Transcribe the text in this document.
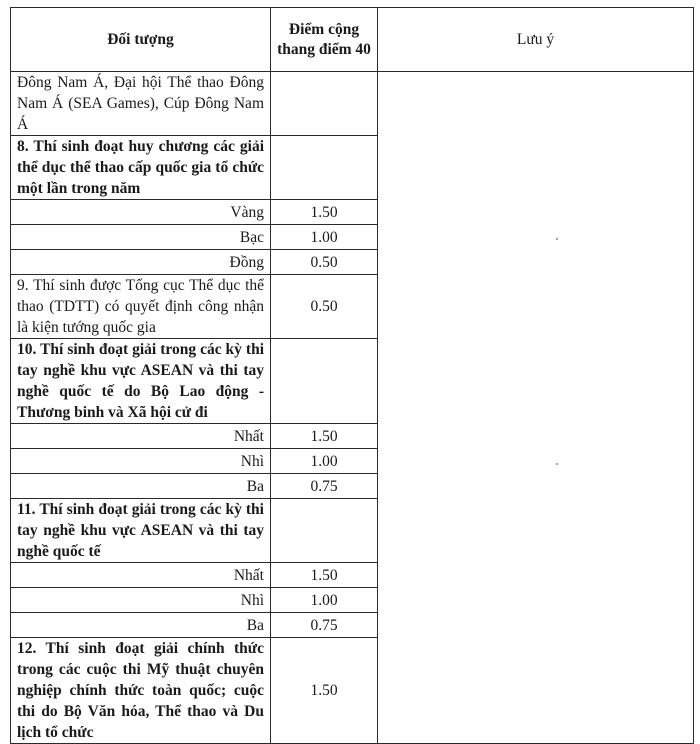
Đối tượng	Điểm cộng thang điểm 40	Lưu ý
Đông Nam Á, Đại hội Thể thao Đông Nam Á (SEA Games), Cúp Đông Nam Á		
8. Thí sinh đoạt huy chương các giải thể dục thể thao cấp quốc gia tổ chức một lần trong năm		
Vàng	1.50	
Bạc	1.00	
Đồng	0.50	
9. Thí sinh được Tổng cục Thể dục thể thao (TDTT) có quyết định công nhận là kiện tướng quốc gia	0.50	
10. Thí sinh đoạt giải trong các kỳ thi tay nghề khu vực ASEAN và thi tay nghề quốc tế do Bộ Lao động - Thương binh và Xã hội cử đi		
Nhất	1.50	
Nhì	1.00	
Ba	0.75	
11. Thí sinh đoạt giải trong các kỳ thi tay nghề khu vực ASEAN và thi tay nghề quốc tế		
Nhất	1.50	
Nhì	1.00	
Ba	0.75	
12. Thí sinh đoạt giải chính thức trong các cuộc thi Mỹ thuật chuyên nghiệp chính thức toàn quốc; cuộc thi do Bộ Văn hóa, Thể thao và Du lịch tổ chức	1.50	
